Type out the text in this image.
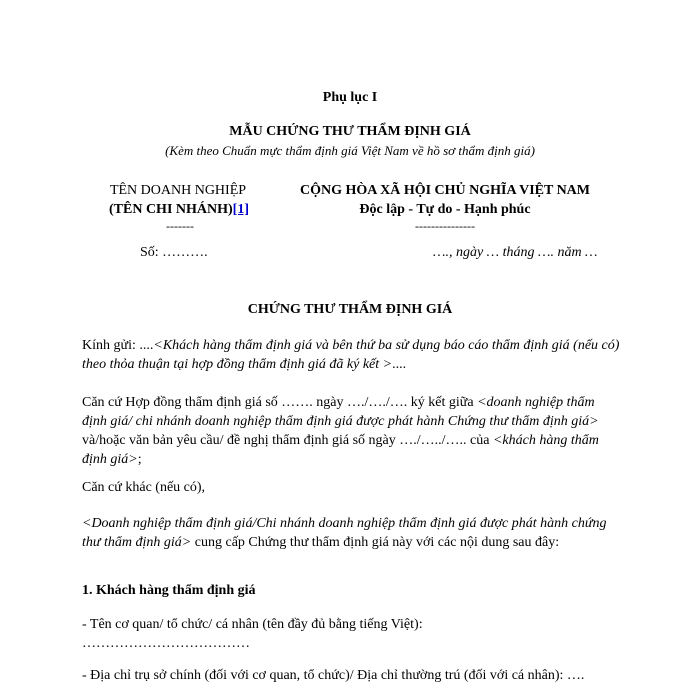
Phụ lục I
MẪU CHỨNG THƯ THẨM ĐỊNH GIÁ
(Kèm theo Chuẩn mực thẩm định giá Việt Nam về hồ sơ thẩm định giá)
TÊN DOANH NGHIỆP
(TÊN CHI NHÁNH)[1]
-------
Số: ……….
CỘNG HÒA XÃ HỘI CHỦ NGHĨA VIỆT NAM
Độc lập - Tự do - Hạnh phúc
---------------
…., ngày … tháng …. năm …
CHỨNG THƯ THẨM ĐỊNH GIÁ
Kính gửi: ....<Khách hàng thẩm định giá và bên thứ ba sử dụng báo cáo thẩm định giá (nếu có) theo thỏa thuận tại hợp đồng thẩm định giá đã ký kết >....
Căn cứ Hợp đồng thẩm định giá số ……. ngày …./…./…. ký kết giữa <doanh nghiệp thẩm định giá/ chi nhánh doanh nghiệp thẩm định giá được phát hành Chứng thư thẩm định giá> và/hoặc văn bản yêu cầu/ đề nghị thẩm định giá số ngày …./…../….. của <khách hàng thẩm định giá>;
Căn cứ khác (nếu có),
<Doanh nghiệp thẩm định giá/Chi nhánh doanh nghiệp thẩm định giá được phát hành chứng thư thẩm định giá> cung cấp Chứng thư thẩm định giá này với các nội dung sau đây:
1. Khách hàng thẩm định giá
- Tên cơ quan/ tổ chức/ cá nhân (tên đầy đủ bằng tiếng Việt):
………………………………
- Địa chỉ trụ sở chính (đối với cơ quan, tổ chức)/ Địa chỉ thường trú (đối với cá nhân): ….
